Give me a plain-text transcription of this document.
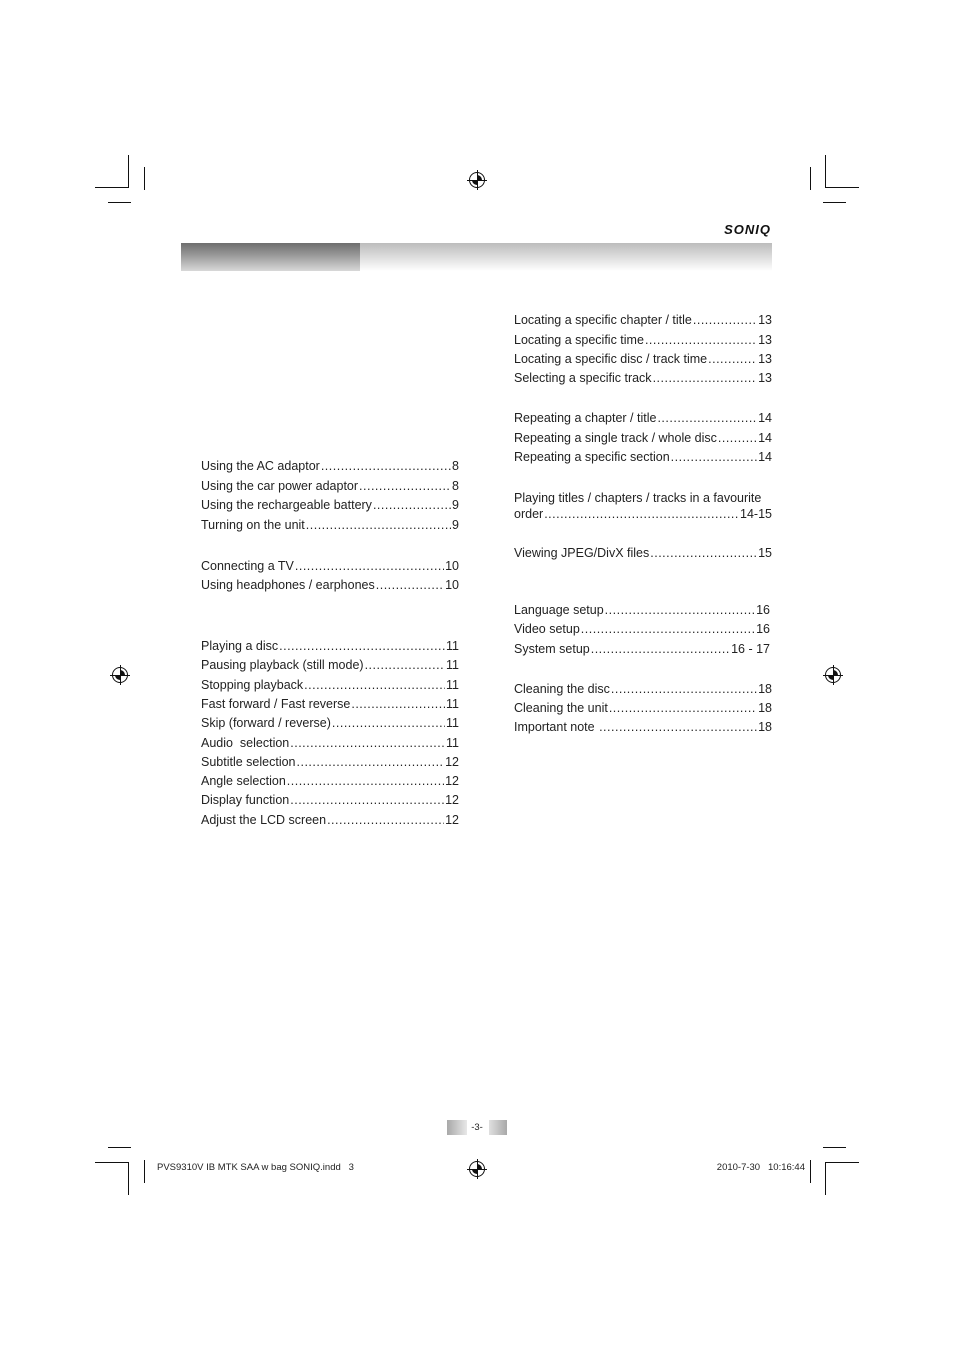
SONIQ
Using the AC adaptor .....	8
Using the car power adaptor .....	8
Using the rechargeable battery .....	9
Turning on the unit .....	9
Connecting a TV .....	10
Using headphones / earphones .....	10
Playing a disc .....	11
Pausing playback (still mode) .....	11
Stopping playback .....	11
Fast forward / Fast reverse .....	11
Skip (forward / reverse) .....	11
Audio  selection .....	11
Subtitle selection .....	12
Angle selection .....	12
Display function .....	12
Adjust the LCD screen .....	12
Locating a specific chapter / title .....	13
Locating a specific time .....	13
Locating a specific disc / track time .....	13
Selecting a specific track .....	13
Repeating a chapter / title .....	14
Repeating a single track / whole disc .....	14
Repeating a specific section .....	14
Playing titles / chapters / tracks in a favourite
order .....	14-15
Viewing JPEG/DivX files .....	15
Language setup .....	16
Video setup .....	16
System setup .....	16 - 17
Cleaning the disc .....	18
Cleaning the unit .....	18
Important note .....	18
-3-
PVS9310V IB MTK SAA w bag SONIQ.indd   3	2010-7-30   10:16:44
